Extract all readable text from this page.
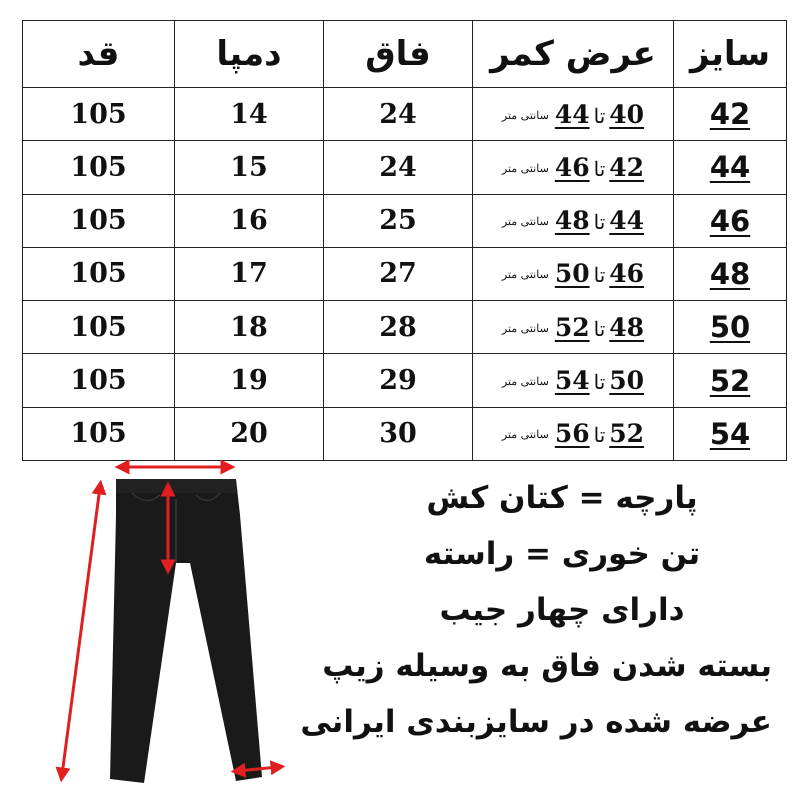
سایز	عرض کمر	فاق	دمپا	قد
42	40تا44سانتی متر	24	14	105
44	42تا46سانتی متر	24	15	105
46	44تا48سانتی متر	25	16	105
48	46تا50سانتی متر	27	17	105
50	48تا52سانتی متر	28	18	105
52	50تا54سانتی متر	29	19	105
54	52تا56سانتی متر	30	20	105
پارچه = کتان کش
تن خوری = راسته
دارای چهار جیب
بسته شدن فاق به وسیله زیپ
عرضه شده در سایزبندی ایرانی
